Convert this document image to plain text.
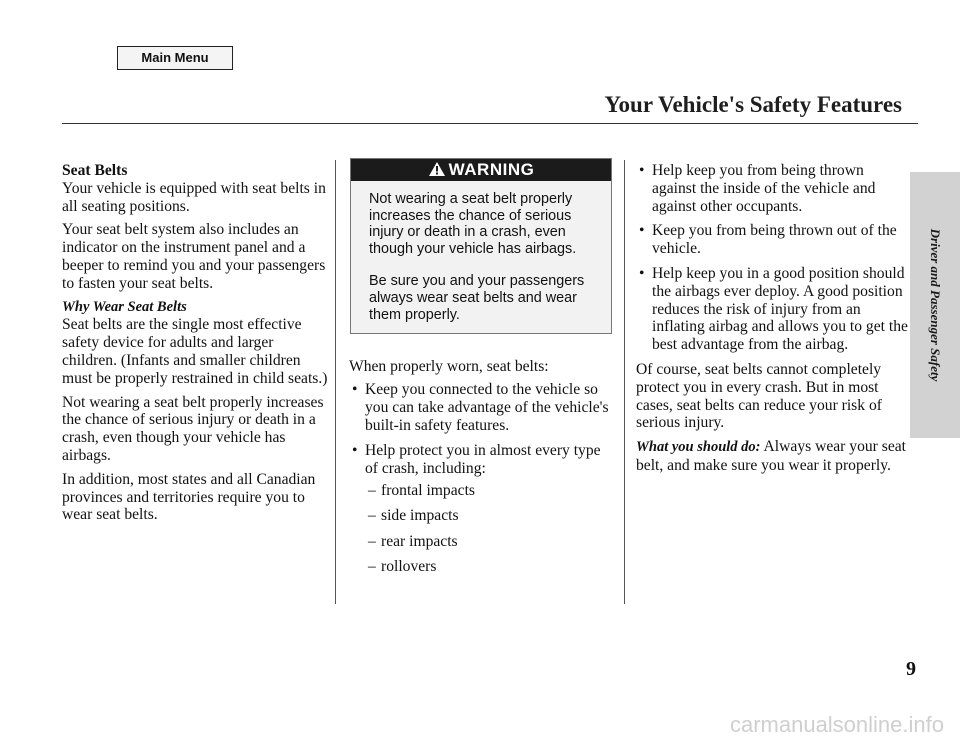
Main Menu
Your Vehicle's Safety Features
Driver and Passenger Safety
Seat Belts

Your vehicle is equipped with seat belts in all seating positions.

Your seat belt system also includes an indicator on the instrument panel and a beeper to remind you and your passengers to fasten your seat belts.

Why Wear Seat Belts

Seat belts are the single most effective safety device for adults and larger children. (Infants and smaller children must be properly restrained in child seats.)

Not wearing a seat belt properly increases the chance of serious injury or death in a crash, even though your vehicle has airbags.

In addition, most states and all Canadian provinces and territories require you to wear seat belts.

WARNING

Not wearing a seat belt properly increases the chance of serious injury or death in a crash, even though your vehicle has airbags.

Be sure you and your passengers always wear seat belts and wear them properly.

When properly worn, seat belts:

• Keep you connected to the vehicle so you can take advantage of the vehicle's built-in safety features.
• Help protect you in almost every type of crash, including:
– frontal impacts
– side impacts
– rear impacts
– rollovers
• Help keep you from being thrown against the inside of the vehicle and against other occupants.
• Keep you from being thrown out of the vehicle.
• Help keep you in a good position should the airbags ever deploy. A good position reduces the risk of injury from an inflating airbag and allows you to get the best advantage from the airbag.

Of course, seat belts cannot completely protect you in every crash. But in most cases, seat belts can reduce your risk of serious injury.

What you should do: Always wear your seat belt, and make sure you wear it properly.

9
carmanualsonline.info
